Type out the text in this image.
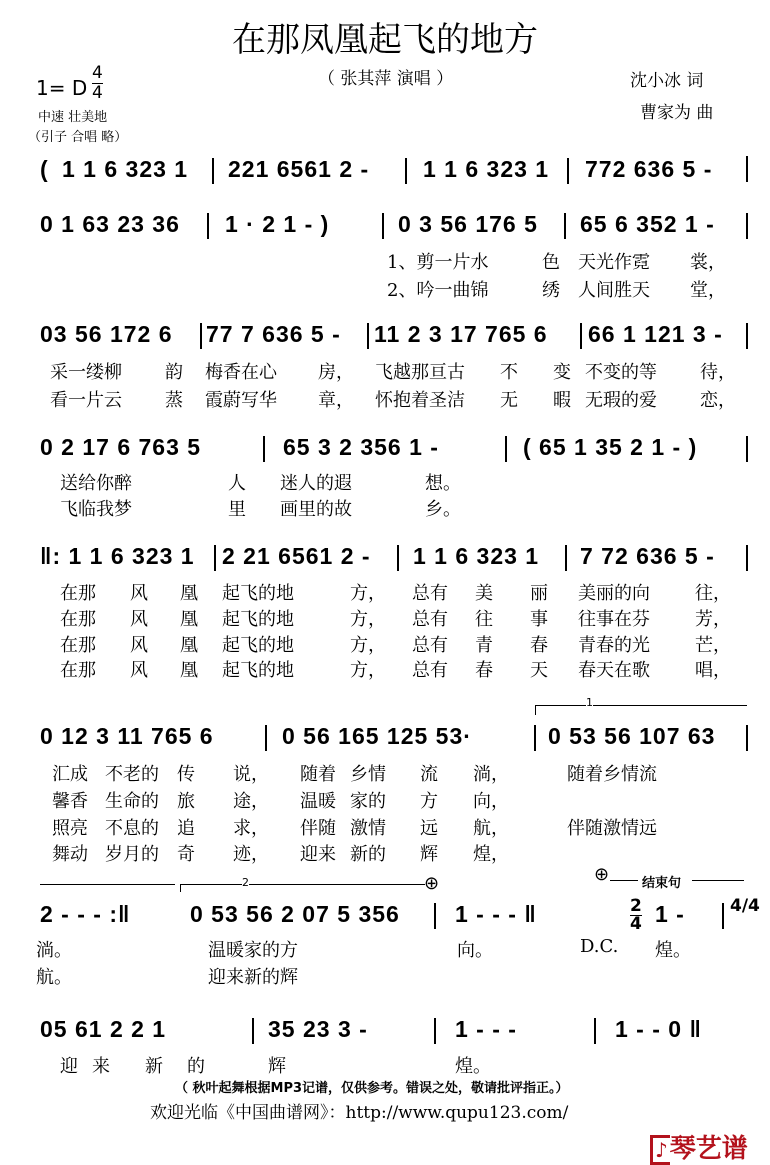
在那凤凰起飞的地方
（ 张其萍 演唱 ）	沈小冰 词
曹家为 曲
1= D
4
4
中速 壮美地
（引子 合唱 略）
( 1 1 6 323 1 221 6561 2 - 1 1 6 323 1 772 636 5 -
0 1 63 23 36 1 · 2 1 - )	0 3 56 176 5 65 6 352 1 -
1、剪一片水	色 天光作霓 裳，
2、吟一曲锦	绣 人间胜天 堂，
03 56 172 6 77 7 636 5 - 11 2 3 17 765 6 66 1 121 3 -
采一缕柳 韵 梅香在心 房， 飞越那亘古 不 变 不变的等 待，
看一片云 蒸 霞蔚写华 章， 怀抱着圣洁 无 暇 无瑕的爱 恋，
0 2 17 6 763 5	65 3 2 356 1 -	( 65 1 35 2 1 - )
送给你醉	人 迷人的遐	想。
飞临我梦	里 画里的故	乡。
‖: 1 1 6 323 1 2 21 6561 2 - 1 1 6 323 1 7 72 636 5 -
在那 风 凰 起飞的地	方， 总有 美 丽 美丽的向	往，
在那 风 凰 起飞的地	方， 总有 往 事 往事在芬	芳，
在那 风 凰 起飞的地	方， 总有 青 春 青春的光	芒，
在那 风 凰 起飞的地	方， 总有 春 天 春天在歌	唱，
1
0 12 3 11 765 6	0 56 165 125 53·	0 53 56 107 63
汇成 不老的 传 说， 随着 乡情 流 淌，	随着乡情流
馨香 生命的 旅 途， 温暖 家的 方 向，
照亮 不息的 追 求， 伴随 激情 远 航，	伴随激情远
舞动 岁月的 奇 迹， 迎来 新的 辉 煌，
2	⊕	⊕	结束句
2 - - - :‖	0 53 56 2 07 5 356 1 - - - ‖	2
4 1 -	4/4
淌。	温暖家的方	向。	D.C. 煌。
航。	迎来新的辉
05 61 2 2 1	35 23 3 -	1 - - -	1 - - 0 ‖
迎 来 新 的	辉	煌。
（ 秋叶起舞根据MP3记谱，仅供参考。错误之处，敬请批评指正。）
欢迎光临《中国曲谱网》：http://www.qupu123.com/
♪琴艺谱
